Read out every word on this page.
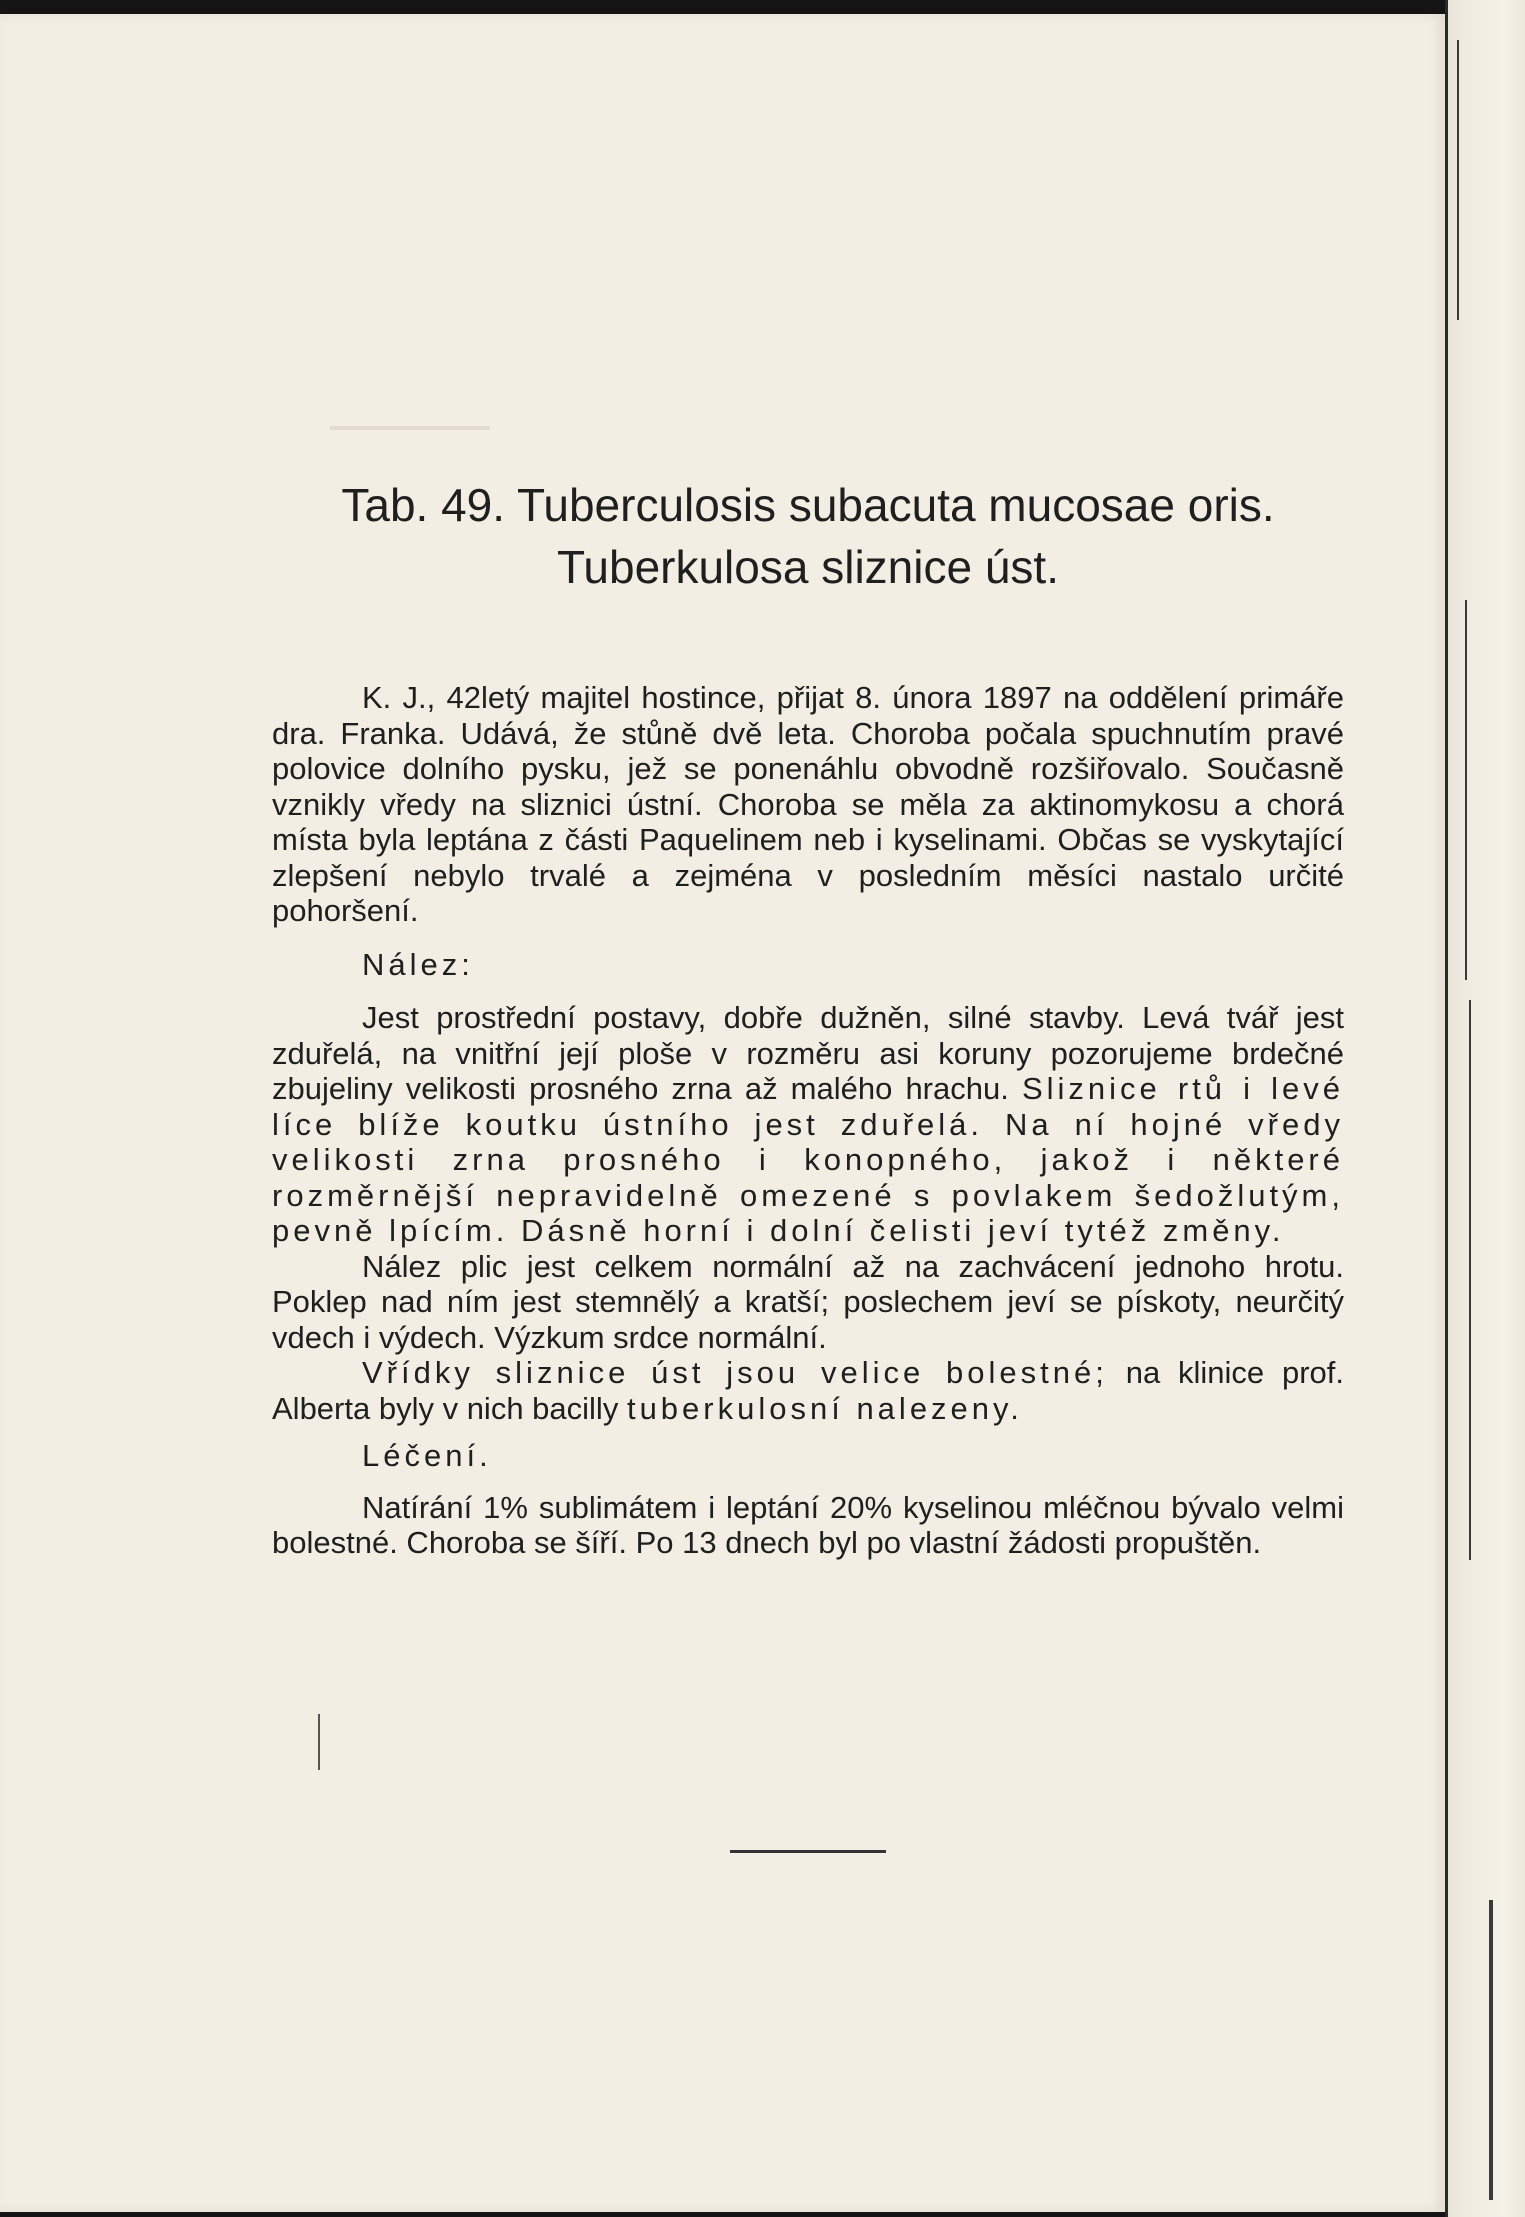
Tab. 49. Tuberculosis subacuta mucosae oris.
Tuberkulosa sliznice úst.

K. J., 42letý majitel hostince, přijat 8. února 1897 na oddělení primáře dra. Franka. Udává, že stůně dvě leta. Choroba počala spuchnutím pravé polovice dolního pysku, jež se ponenáhlu obvodně rozšiřovalo. Současně vznikly vředy na sliznici ústní. Choroba se měla za aktinomykosu a chorá místa byla leptána z části Paquelinem neb i kyselinami. Občas se vyskytající zlepšení nebylo trvalé a zejména v posledním měsíci nastalo určité pohoršení.

Nález:

Jest prostřední postavy, dobře dužněn, silné stavby. Levá tvář jest zduřelá, na vnitřní její ploše v rozměru asi koruny pozorujeme brdečné zbujeliny velikosti prosného zrna až malého hrachu. Sliznice rtů i levé líce blíže koutku ústního jest zduřelá. Na ní hojné vředy velikosti zrna prosného i konopného, jakož i některé rozměrnější nepravidelně omezené s povlakem šedožlutým, pevně lpícím. Dásně horní i dolní čelisti jeví tytéž změny.

Nález plic jest celkem normální až na zachvácení jednoho hrotu. Poklep nad ním jest stemnělý a kratší; poslechem jeví se pískoty, neurčitý vdech i výdech. Výzkum srdce normální.

Vřídky sliznice úst jsou velice bolestné; na klinice prof. Alberta byly v nich bacilly tuberkulosní nalezeny.

Léčení.

Natírání 1% sublimátem i leptání 20% kyselinou mléčnou bývalo velmi bolestné. Choroba se šíří. Po 13 dnech byl po vlastní žádosti propuštěn.
